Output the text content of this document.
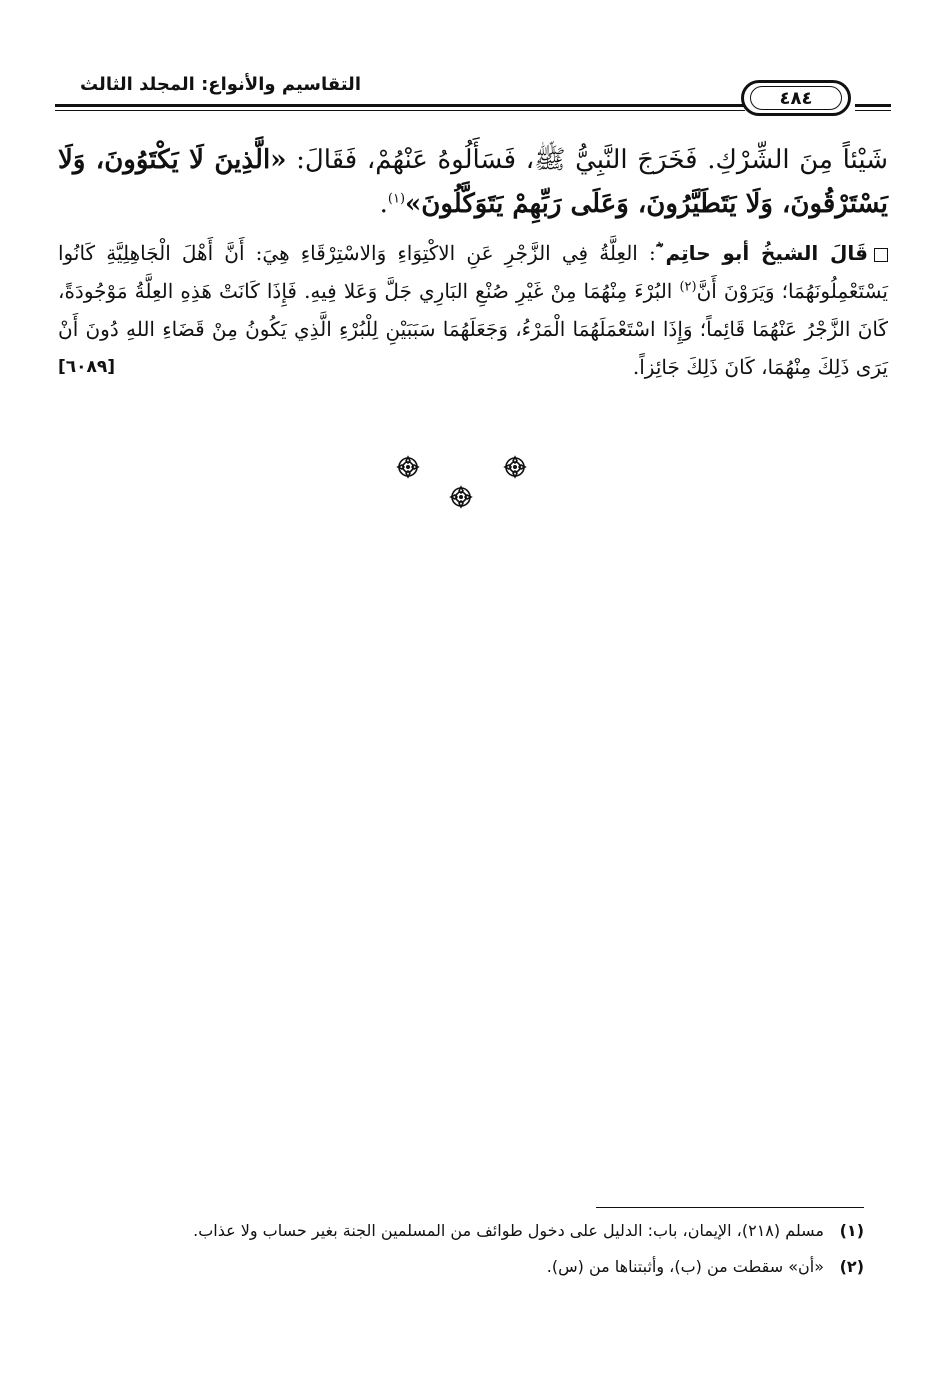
التقاسيم والأنواع: المجلد الثالث
٤٨٤

شَيْئاً مِنَ الشِّرْكِ. فَخَرَجَ النَّبِيُّ ﷺ، فَسَأَلُوهُ عَنْهُمْ، فَقَالَ: «الَّذِينَ لَا يَكْتَوُونَ، وَلَا يَسْتَرْقُونَ، وَلَا يَتَطَيَّرُونَ، وَعَلَى رَبِّهِمْ يَتَوَكَّلُونَ»$^{(١)}$.

قَالَ الشيخُ أبو حاتِم ؓ: العِلَّةُ فِي الزَّجْرِ عَنِ الاكْتِوَاءِ وَالاسْتِرْقَاءِ هِيَ: أَنَّ أَهْلَ الْجَاهِلِيَّةِ كَانُوا يَسْتَعْمِلُونَهُمَا؛ وَيَرَوْنَ أَنَّ$^{(٢)}$ البُرْءَ مِنْهُمَا مِنْ غَيْرِ صُنْعِ البَارِي جَلَّ وَعَلا فِيهِ. فَإِذَا كَانَتْ هَذِهِ العِلَّةُ مَوْجُودَةً، كَانَ الزَّجْرُ عَنْهُمَا قَائِماً؛ وَإِذَا اسْتَعْمَلَهُمَا الْمَرْءُ، وَجَعَلَهُمَا سَبَبَيْنِ لِلْبُرْءِ الَّذِي يَكُونُ مِنْ قَضَاءِ اللهِ دُونَ أَنْ يَرَى ذَلِكَ مِنْهُمَا، كَانَ ذَلِكَ جَائِزاً.
[٦٠٨٩]

(١)
مسلم (٢١٨)، الإيمان، باب: الدليل على دخول طوائف من المسلمين الجنة بغير حساب ولا عذاب.
(٢)
«أن» سقطت من (ب)، وأثبتناها من (س).
